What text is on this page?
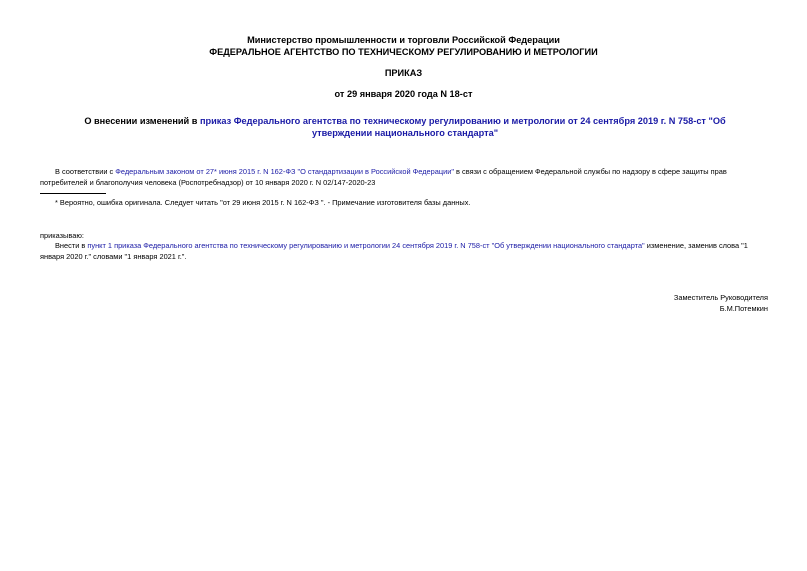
Министерство промышленности и торговли Российской Федерации
ФЕДЕРАЛЬНОЕ АГЕНТСТВО ПО ТЕХНИЧЕСКОМУ РЕГУЛИРОВАНИЮ И МЕТРОЛОГИИ
ПРИКАЗ
от 29 января 2020 года N 18-ст
О внесении изменений в приказ Федерального агентства по техническому регулированию и метрологии от 24 сентября 2019 г. N 758-ст "Об утверждении национального стандарта"
В соответствии с Федеральным законом от 27* июня 2015 г. N 162-ФЗ "О стандартизации в Российской Федерации" в связи с обращением Федеральной службы по надзору в сфере защиты прав потребителей и благополучия человека (Роспотребнадзор) от 10 января 2020 г. N 02/147-2020-23
* Вероятно, ошибка оригинала. Следует читать "от 29 июня 2015 г. N 162-ФЗ ". - Примечание изготовителя базы данных.
приказываю:
Внести в пункт 1 приказа Федерального агентства по техническому регулированию и метрологии 24 сентября 2019 г. N 758-ст "Об утверждении национального стандарта" изменение, заменив слова "1 января 2020 г." словами "1 января 2021 г.".
Заместитель Руководителя
Б.М.Потемкин
